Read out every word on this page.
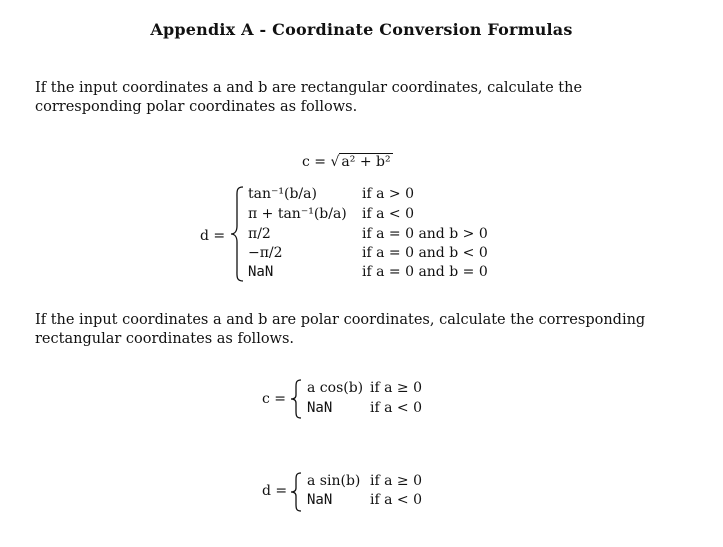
Appendix A - Coordinate Conversion Formulas
If the input coordinates a and b are rectangular coordinates, calculate the corresponding polar coordinates as follows.
c = √ a² + b²
d =
tan⁻¹(b/a)	if a > 0
π + tan⁻¹(b/a) if a < 0
π/2	if a = 0 and b > 0
−π/2	if a = 0 and b < 0
NaN	if a = 0 and b = 0
If the input coordinates a and b are polar coordinates, calculate the corresponding rectangular coordinates as follows.
c =
a cos(b) if a ≥ 0
NaN	if a < 0
d =
a sin(b) if a ≥ 0
NaN	if a < 0
